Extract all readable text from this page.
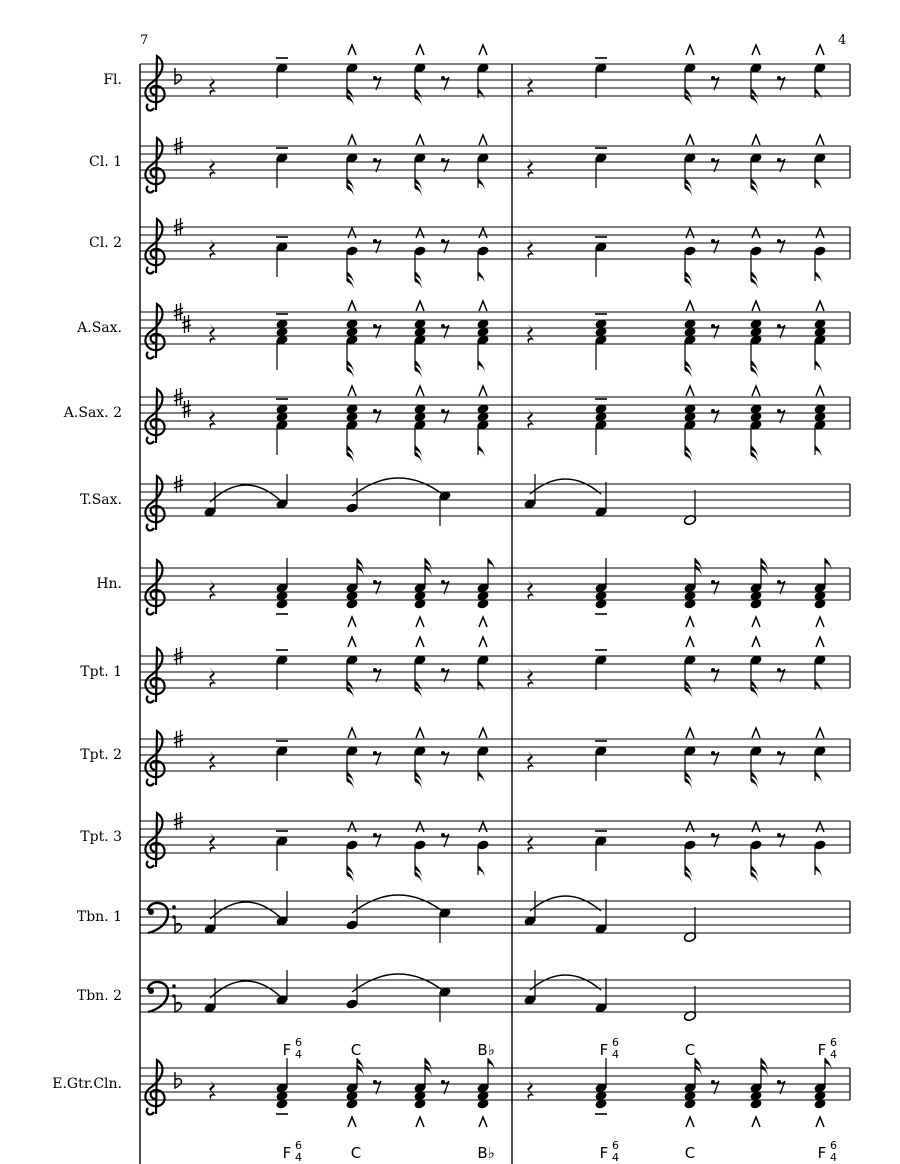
7	4
Fl.
Cl. 1
Cl. 2
A.Sax.
A.Sax. 2
T.Sax.
Hn.
Tpt. 1
Tpt. 2
Tpt. 3
Tbn. 1
Tbn. 2
E.Gtr.Cln.
F 6
4	C	B♭	F 6
4	C	F 6
4
F 6
4	C	B♭	F 6
4	C	F 6
4
